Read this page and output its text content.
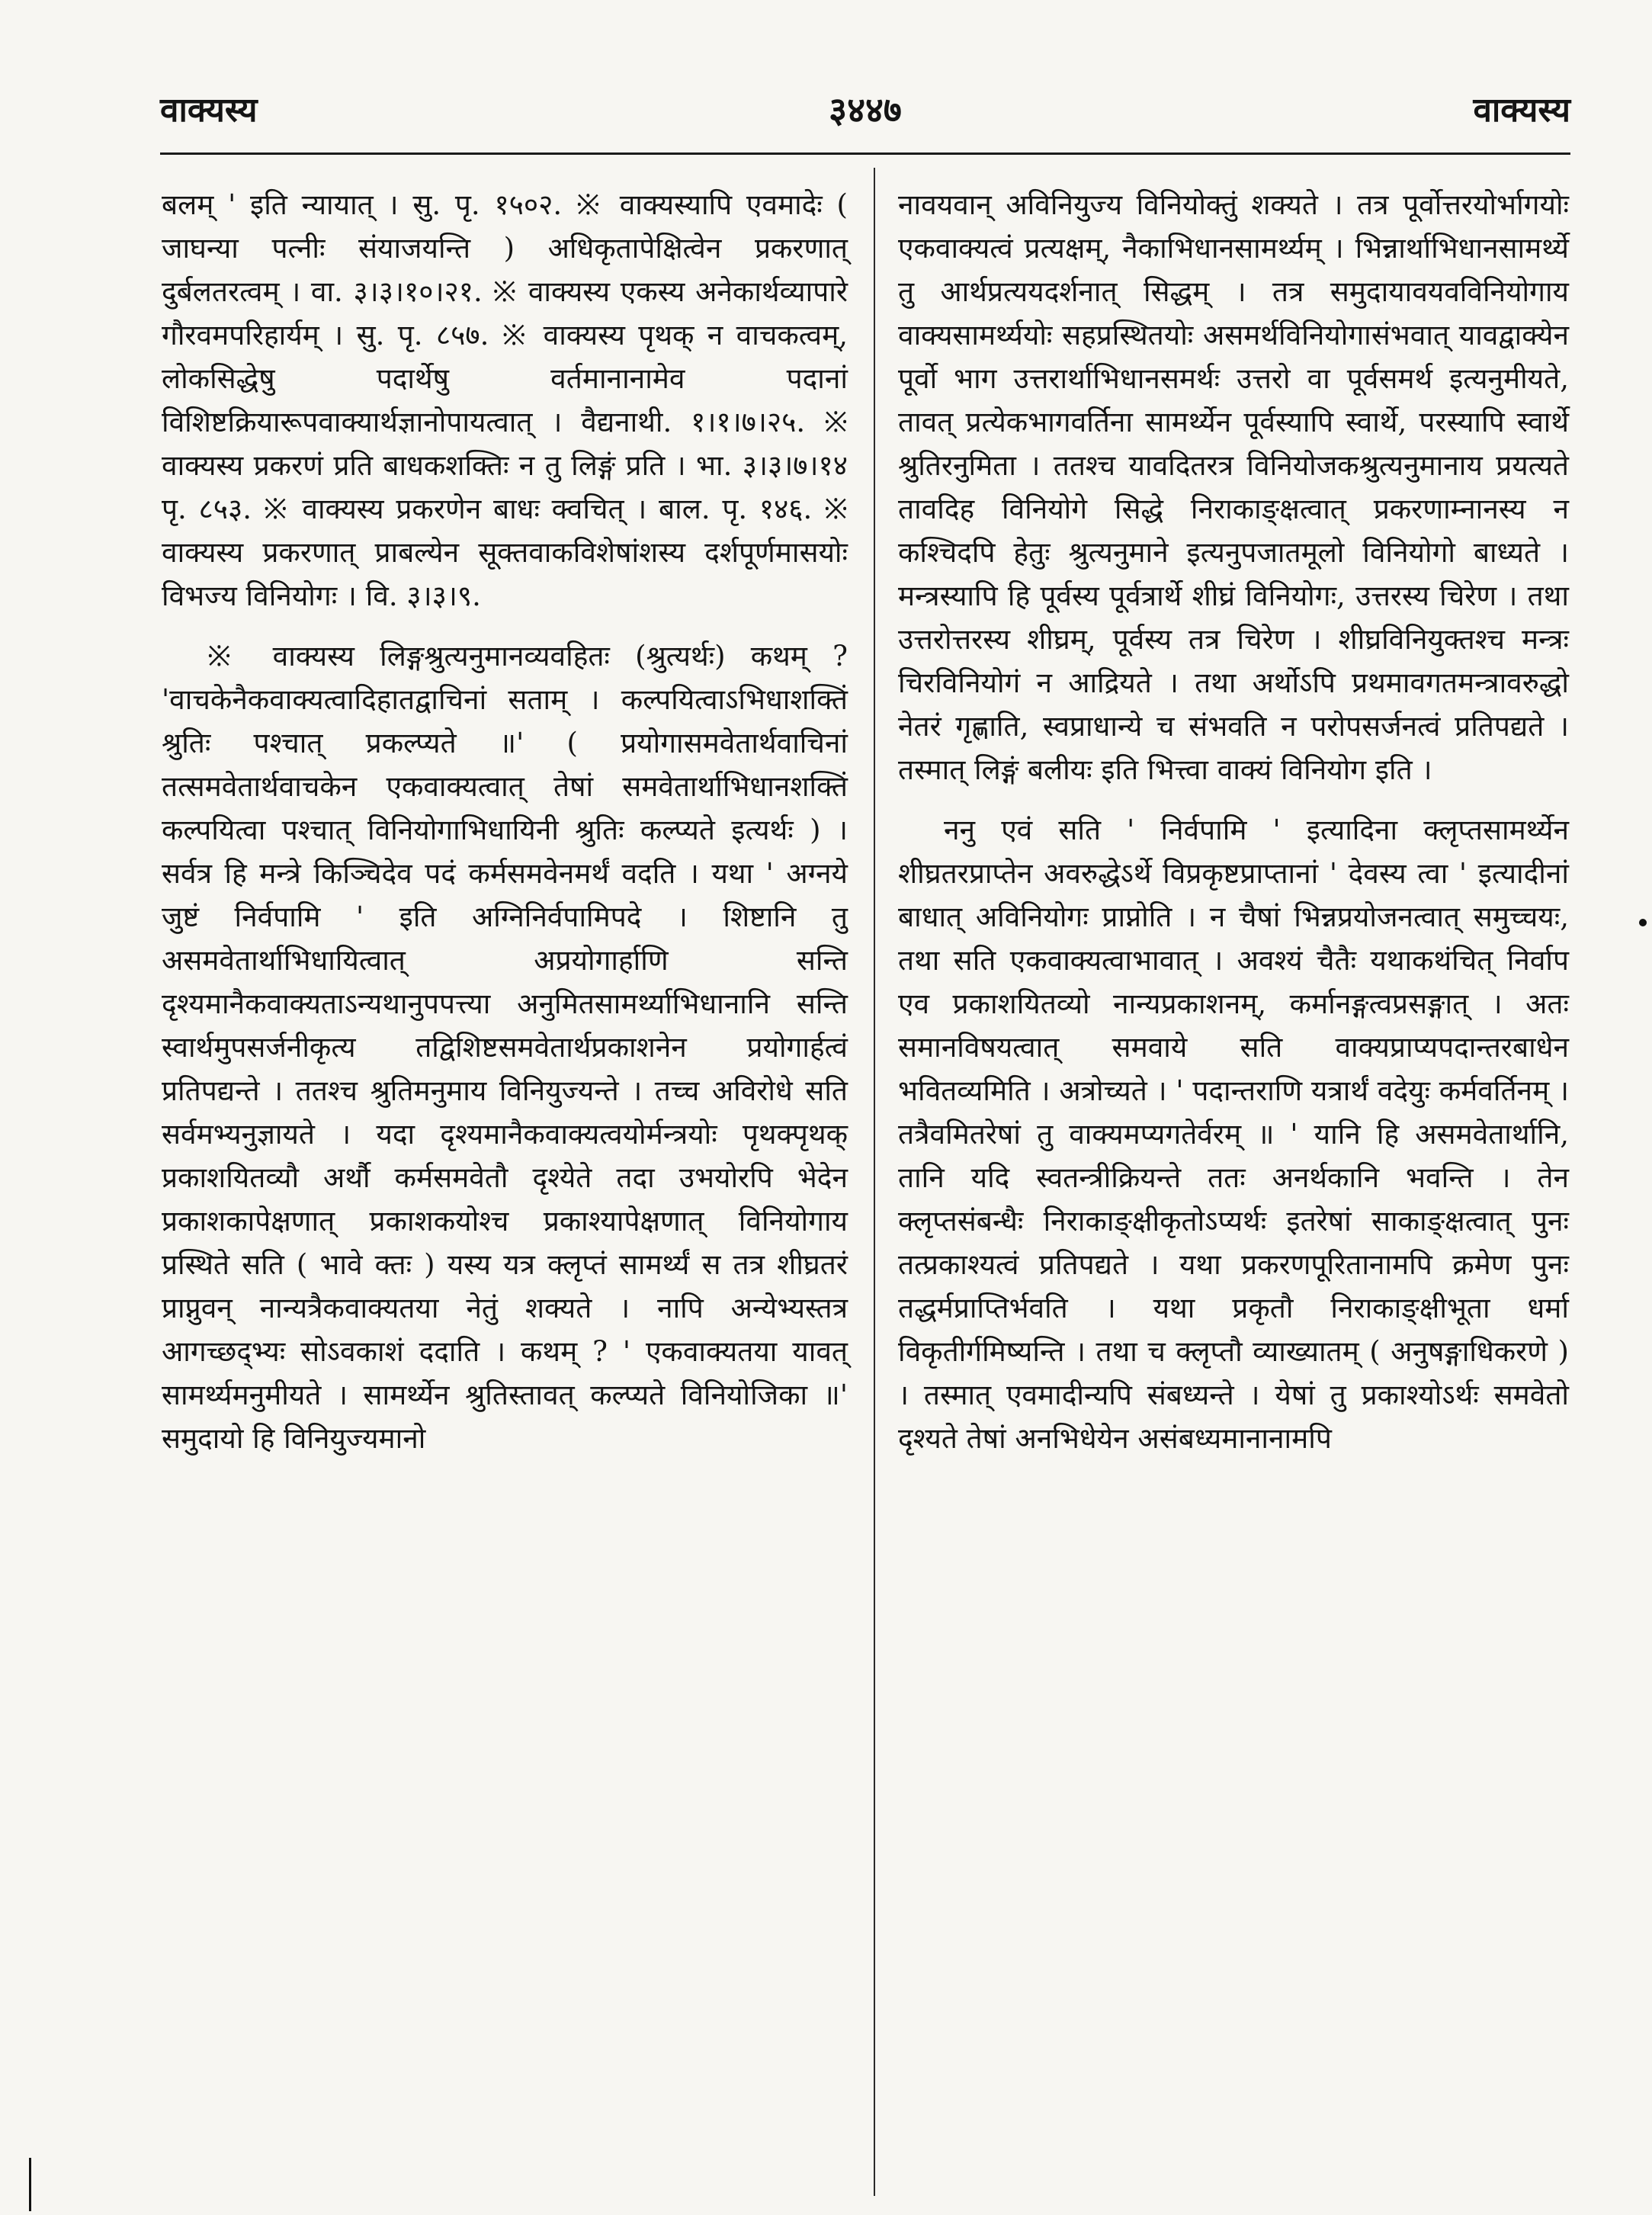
वाक्यस्य	३४४७	वाक्यस्य

बलम् ' इति न्यायात् । सु. पृ. १५०२. ※ वाक्यस्यापि एवमादेः ( जाघन्या पत्नीः संयाजयन्ति ) अधिकृतापेक्षित्वेन प्रकरणात् दुर्बलतरत्वम् । वा. ३।३।१०।२१. ※ वाक्यस्य एकस्य अनेकार्थव्यापारे गौरवमपरिहार्यम् । सु. पृ. ८५७. ※ वाक्यस्य पृथक् न वाचकत्वम्, लोकसिद्धेषु पदार्थेषु वर्तमानानामेव पदानां विशिष्टक्रियारूपवाक्यार्थज्ञानोपायत्वात् । वैद्यनाथी. १।१।७।२५. ※ वाक्यस्य प्रकरणं प्रति बाधकशक्तिः न तु लिङ्गं प्रति । भा. ३।३।७।१४ पृ. ८५३. ※ वाक्यस्य प्रकरणेन बाधः क्वचित् । बाल. पृ. १४६. ※ वाक्यस्य प्रकरणात् प्राबल्येन सूक्तवाकविशेषांशस्य दर्शपूर्णमासयोः विभज्य विनियोगः । वि. ३।३।९.

※ वाक्यस्य लिङ्गश्रुत्यनुमानव्यवहितः (श्रुत्यर्थः) कथम् ? 'वाचकेनैकवाक्यत्वादिहातद्वाचिनां सताम् । कल्पयित्वाऽभिधाशक्तिं श्रुतिः पश्चात् प्रकल्प्यते ॥' ( प्रयोगासमवेतार्थवाचिनां तत्समवेतार्थवाचकेन एकवाक्यत्वात् तेषां समवेतार्थाभिधानशक्तिं कल्पयित्वा पश्चात् विनियोगाभिधायिनी श्रुतिः कल्प्यते इत्यर्थः ) । सर्वत्र हि मन्त्रे किञ्चिदेव पदं कर्मसमवेनमर्थं वदति । यथा ' अग्नये जुष्टं निर्वपामि ' इति अग्निनिर्वपामिपदे । शिष्टानि तु असमवेतार्थाभिधायित्वात् अप्रयोगार्हाणि सन्ति दृश्यमानैकवाक्यताऽन्यथानुपपत्त्या अनुमितसामर्थ्याभिधानानि सन्ति स्वार्थमुपसर्जनीकृत्य तद्विशिष्टसमवेतार्थप्रकाशनेन प्रयोगार्हत्वं प्रतिपद्यन्ते । ततश्च श्रुतिमनुमाय विनियुज्यन्ते । तच्च अविरोधे सति सर्वमभ्यनुज्ञायते । यदा दृश्यमानैकवाक्यत्वयोर्मन्त्रयोः पृथक्पृथक् प्रकाशयितव्यौ अर्थौ कर्मसमवेतौ दृश्येते तदा उभयोरपि भेदेन प्रकाशकापेक्षणात् प्रकाशकयोश्च प्रकाश्यापेक्षणात् विनियोगाय प्रस्थिते सति ( भावे क्तः ) यस्य यत्र क्लृप्तं सामर्थ्यं स तत्र शीघ्रतरं प्राप्नुवन् नान्यत्रैकवाक्यतया नेतुं शक्यते । नापि अन्येभ्यस्तत्र आगच्छद्भ्यः सोऽवकाशं ददाति । कथम् ? ' एकवाक्यतया यावत् सामर्थ्यमनुमीयते । सामर्थ्येन श्रुतिस्तावत् कल्प्यते विनियोजिका ॥' समुदायो हि विनियुज्यमानो

नावयवान् अविनियुज्य विनियोक्तुं शक्यते । तत्र पूर्वोत्तरयोर्भागयोः एकवाक्यत्वं प्रत्यक्षम्, नैकाभिधानसामर्थ्यम् । भिन्नार्थाभिधानसामर्थ्ये तु आर्थप्रत्ययदर्शनात् सिद्धम् । तत्र समुदायावयवविनियोगाय वाक्यसामर्थ्ययोः सहप्रस्थितयोः असमर्थविनियोगासंभवात् यावद्वाक्येन पूर्वो भाग उत्तरार्थाभिधानसमर्थः उत्तरो वा पूर्वसमर्थ इत्यनुमीयते, तावत् प्रत्येकभागवर्तिना सामर्थ्येन पूर्वस्यापि स्वार्थे, परस्यापि स्वार्थे श्रुतिरनुमिता । ततश्च यावदितरत्र विनियोजकश्रुत्यनुमानाय प्रयत्यते तावदिह विनियोगे सिद्धे निराकाङ्क्षत्वात् प्रकरणाम्नानस्य न कश्चिदपि हेतुः श्रुत्यनुमाने इत्यनुपजातमूलो विनियोगो बाध्यते । मन्त्रस्यापि हि पूर्वस्य पूर्वत्रार्थे शीघ्रं विनियोगः, उत्तरस्य चिरेण । तथा उत्तरोत्तरस्य शीघ्रम्, पूर्वस्य तत्र चिरेण । शीघ्रविनियुक्तश्च मन्त्रः चिरविनियोगं न आद्रियते । तथा अर्थोऽपि प्रथमावगतमन्त्रावरुद्धो नेतरं गृह्णाति, स्वप्राधान्ये च संभवति न परोपसर्जनत्वं प्रतिपद्यते । तस्मात् लिङ्गं बलीयः इति भित्त्वा वाक्यं विनियोग इति ।

ननु एवं सति ' निर्वपामि ' इत्यादिना क्लृप्तसामर्थ्येन शीघ्रतरप्राप्तेन अवरुद्धेऽर्थे विप्रकृष्टप्राप्तानां ' देवस्य त्वा ' इत्यादीनां बाधात् अविनियोगः प्राप्नोति । न चैषां भिन्नप्रयोजनत्वात् समुच्चयः, तथा सति एकवाक्यत्वाभावात् । अवश्यं चैतैः यथाकथंचित् निर्वाप एव प्रकाशयितव्यो नान्यप्रकाशनम्, कर्मानङ्गत्वप्रसङ्गात् । अतः समानविषयत्वात् समवाये सति वाक्यप्राप्यपदान्तरबाधेन भवितव्यमिति । अत्रोच्यते । ' पदान्तराणि यत्रार्थं वदेयुः कर्मवर्तिनम् । तत्रैवमितरेषां तु वाक्यमप्यगतेर्वरम् ॥ ' यानि हि असमवेतार्थानि, तानि यदि स्वतन्त्रीक्रियन्ते ततः अनर्थकानि भवन्ति । तेन क्लृप्तसंबन्धैः निराकाङ्क्षीकृतोऽप्यर्थः इतरेषां साकाङ्क्षत्वात् पुनः तत्प्रकाश्यत्वं प्रतिपद्यते । यथा प्रकरणपूरितानामपि क्रमेण पुनः तद्धर्मप्राप्तिर्भवति । यथा प्रकृतौ निराकाङ्क्षीभूता धर्मा विकृतीर्गमिष्यन्ति । तथा च क्लृप्तौ व्याख्यातम् ( अनुषङ्गाधिकरणे ) । तस्मात् एवमादीन्यपि संबध्यन्ते । येषां तु प्रकाश्योऽर्थः समवेतो दृश्यते तेषां अनभिधेयेन असंबध्यमानानामपि
